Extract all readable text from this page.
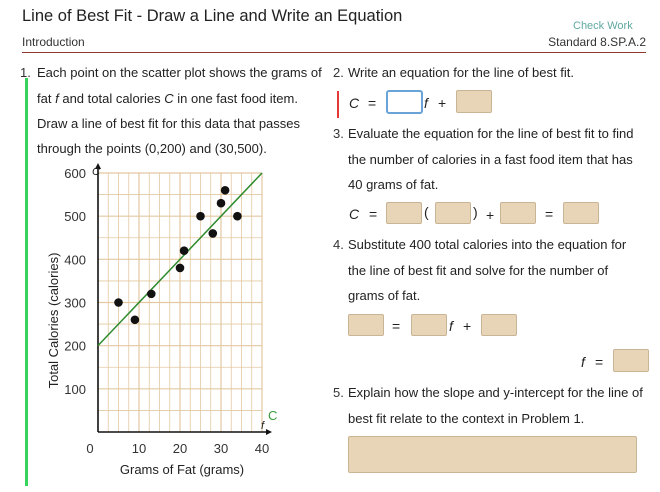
Line of Best Fit - Draw a Line and Write an Equation
Check Work
Introduction	Standard 8.SP.A.2
1. Each point on the scatter plot shows the grams of
fat f and total calories C in one fast food item.
Draw a line of best fit for this data that passes
through the points (0,200) and (30,500).
0	10 20 30 40
100
200
300
400
500
600
Grams of Fat (grams)
Total Calories (calories)
f
C
C
2. Write an equation for the line of best fit.
C =	f +
3. Evaluate the equation for the line of best fit to find
the number of calories in a fast food item that has
40 grams of fat.
C =	(	) +	=
4. Substitute 400 total calories into the equation for
the line of best fit and solve for the number of
grams of fat.
=	f +
f =
5. Explain how the slope and y-intercept for the line of
best fit relate to the context in Problem 1.
